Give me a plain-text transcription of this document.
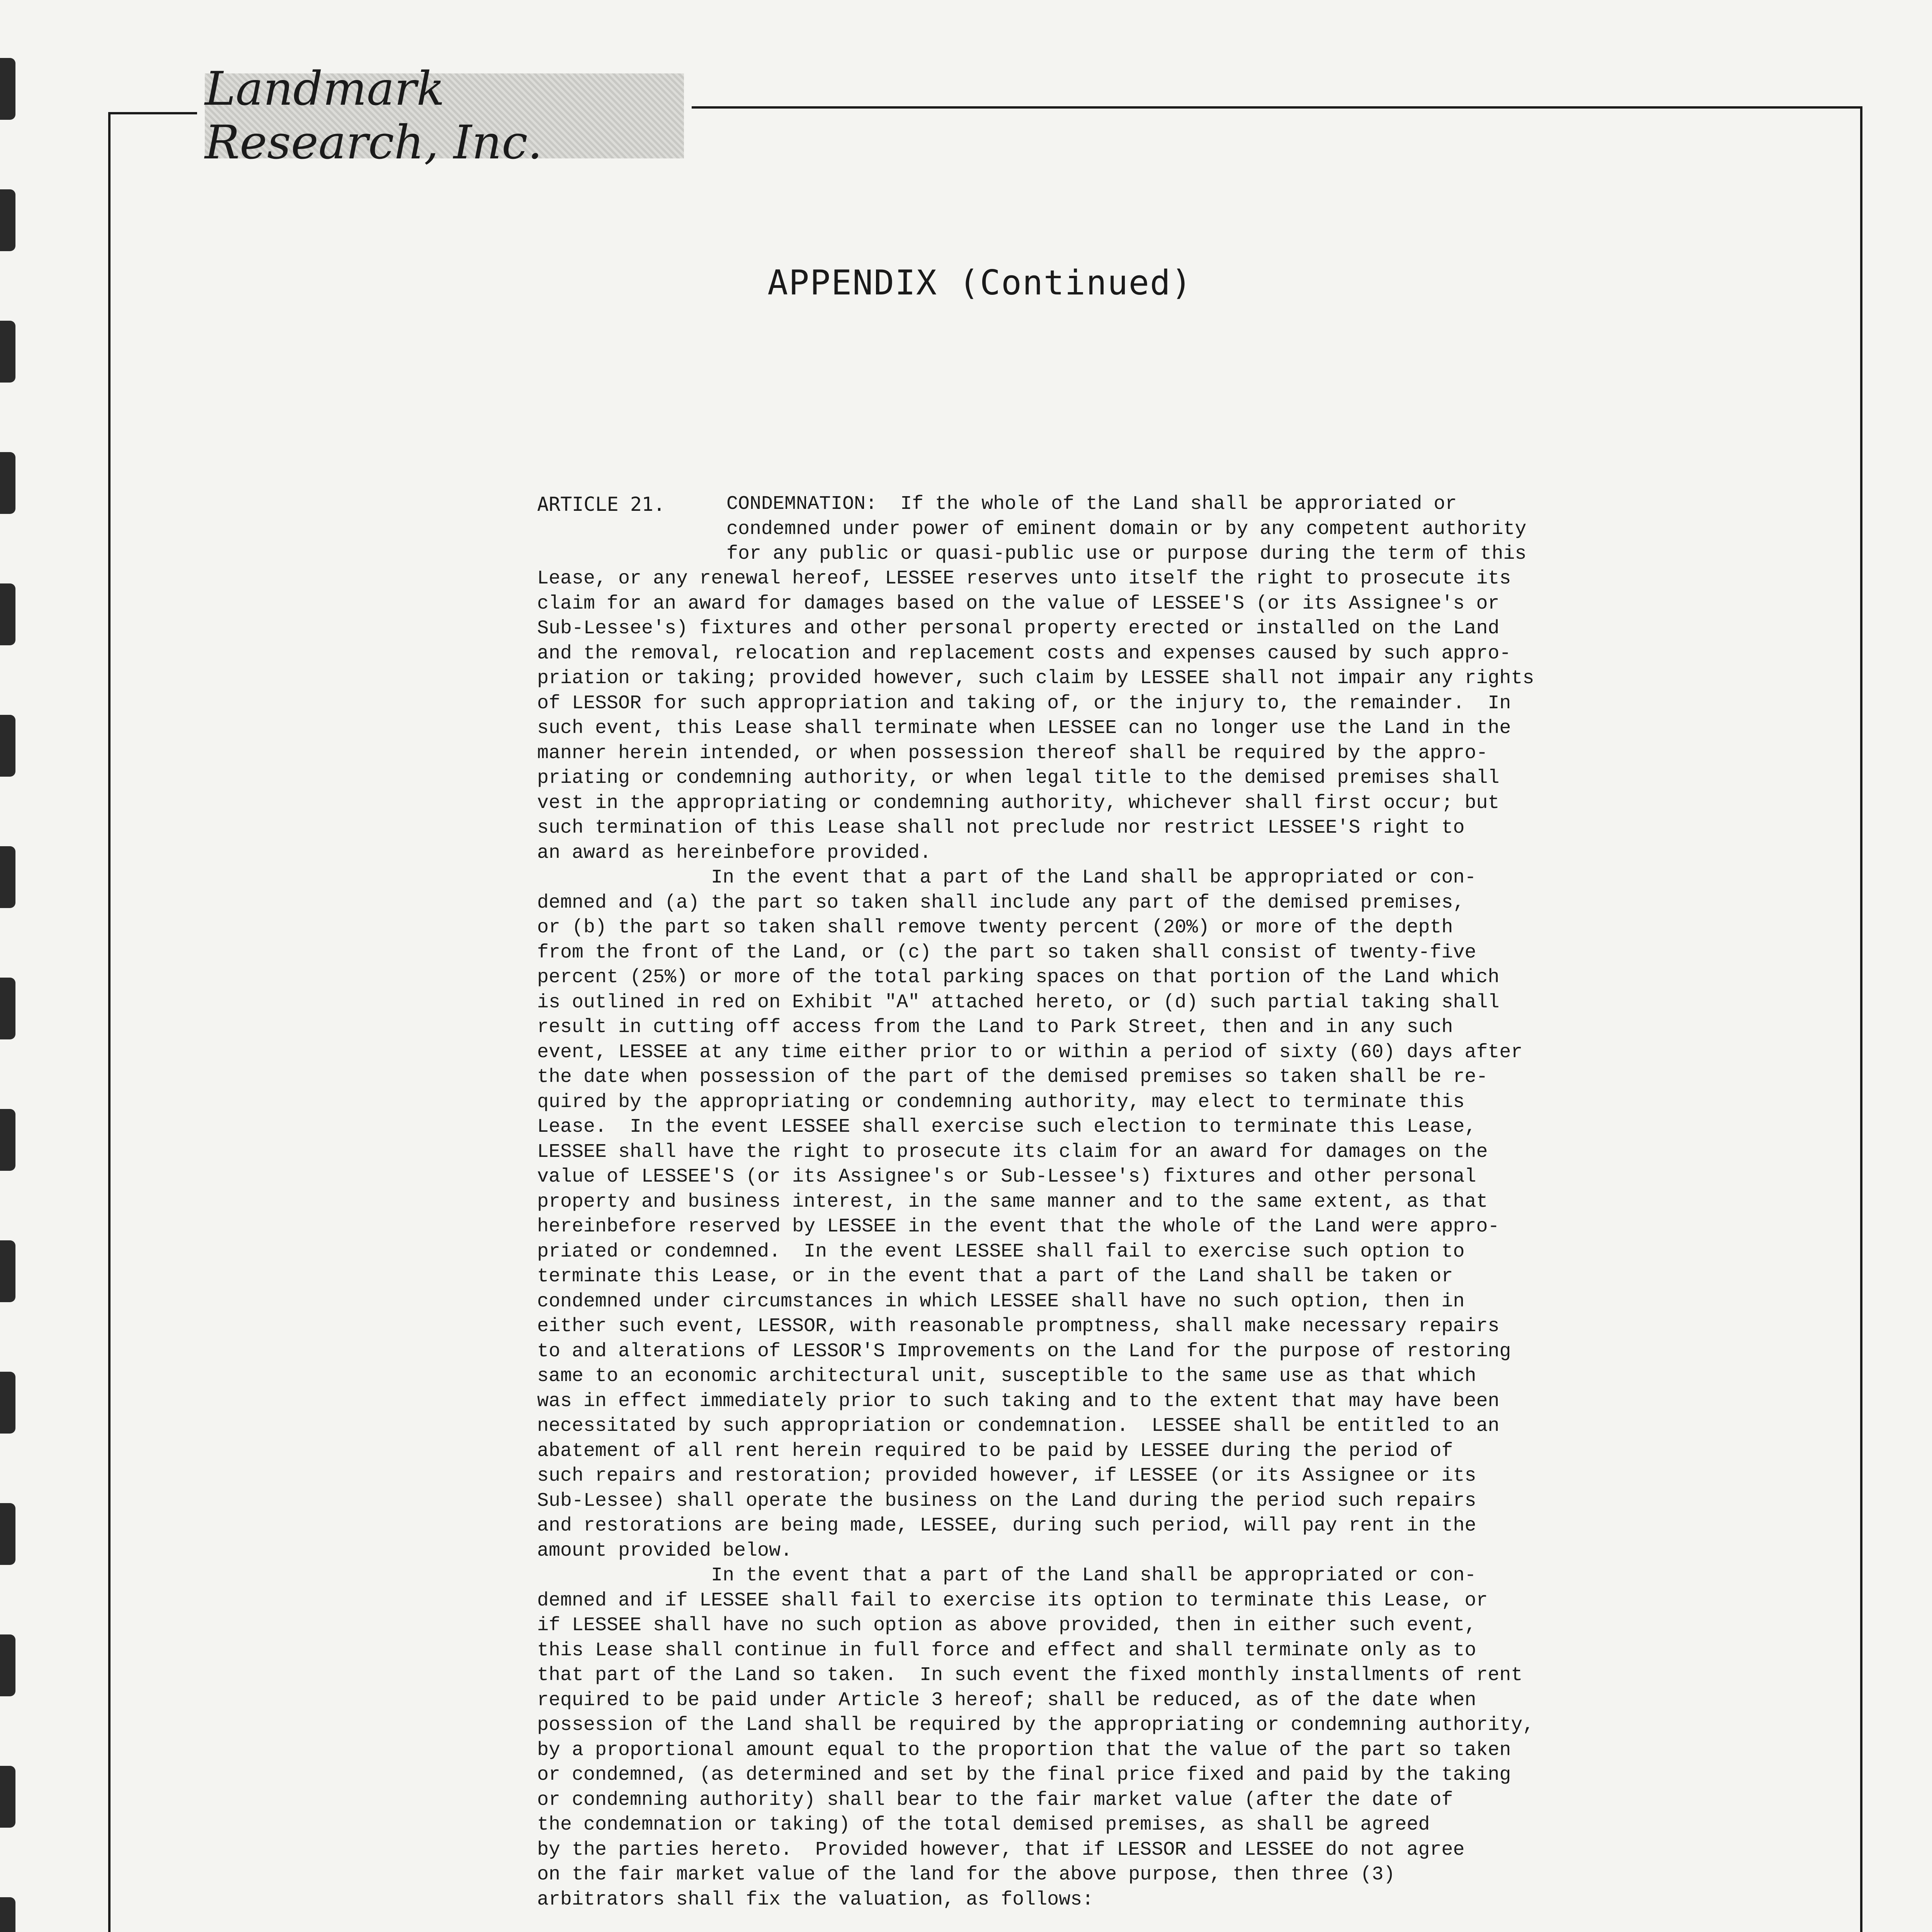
Landmark Research, Inc.
APPENDIX (Continued)
ARTICLE 21.	CONDEMNATION:  If the whole of the Land shall be approriated or
condemned under power of eminent domain or by any competent authority
for any public or quasi-public use or purpose during the term of this
Lease, or any renewal hereof, LESSEE reserves unto itself the right to prosecute its
claim for an award for damages based on the value of LESSEE'S (or its Assignee's or
Sub-Lessee's) fixtures and other personal property erected or installed on the Land
and the removal, relocation and replacement costs and expenses caused by such appro-
priation or taking; provided however, such claim by LESSEE shall not impair any rights
of LESSOR for such appropriation and taking of, or the injury to, the remainder.  In
such event, this Lease shall terminate when LESSEE can no longer use the Land in the
manner herein intended, or when possession thereof shall be required by the appro-
priating or condemning authority, or when legal title to the demised premises shall
vest in the appropriating or condemning authority, whichever shall first occur; but
such termination of this Lease shall not preclude nor restrict LESSEE'S right to
an award as hereinbefore provided.
In the event that a part of the Land shall be appropriated or con-
demned and (a) the part so taken shall include any part of the demised premises,
or (b) the part so taken shall remove twenty percent (20%) or more of the depth
from the front of the Land, or (c) the part so taken shall consist of twenty-five
percent (25%) or more of the total parking spaces on that portion of the Land which
is outlined in red on Exhibit "A" attached hereto, or (d) such partial taking shall
result in cutting off access from the Land to Park Street, then and in any such
event, LESSEE at any time either prior to or within a period of sixty (60) days after
the date when possession of the part of the demised premises so taken shall be re-
quired by the appropriating or condemning authority, may elect to terminate this
Lease.  In the event LESSEE shall exercise such election to terminate this Lease,
LESSEE shall have the right to prosecute its claim for an award for damages on the
value of LESSEE'S (or its Assignee's or Sub-Lessee's) fixtures and other personal
property and business interest, in the same manner and to the same extent, as that
hereinbefore reserved by LESSEE in the event that the whole of the Land were appro-
priated or condemned.  In the event LESSEE shall fail to exercise such option to
terminate this Lease, or in the event that a part of the Land shall be taken or
condemned under circumstances in which LESSEE shall have no such option, then in
either such event, LESSOR, with reasonable promptness, shall make necessary repairs
to and alterations of LESSOR'S Improvements on the Land for the purpose of restoring
same to an economic architectural unit, susceptible to the same use as that which
was in effect immediately prior to such taking and to the extent that may have been
necessitated by such appropriation or condemnation.  LESSEE shall be entitled to an
abatement of all rent herein required to be paid by LESSEE during the period of
such repairs and restoration; provided however, if LESSEE (or its Assignee or its
Sub-Lessee) shall operate the business on the Land during the period such repairs
and restorations are being made, LESSEE, during such period, will pay rent in the
amount provided below.
In the event that a part of the Land shall be appropriated or con-
demned and if LESSEE shall fail to exercise its option to terminate this Lease, or
if LESSEE shall have no such option as above provided, then in either such event,
this Lease shall continue in full force and effect and shall terminate only as to
that part of the Land so taken.  In such event the fixed monthly installments of rent
required to be paid under Article 3 hereof; shall be reduced, as of the date when
possession of the Land shall be required by the appropriating or condemning authority,
by a proportional amount equal to the proportion that the value of the part so taken
or condemned, (as determined and set by the final price fixed and paid by the taking
or condemning authority) shall bear to the fair market value (after the date of
the condemnation or taking) of the total demised premises, as shall be agreed
by the parties hereto.  Provided however, that if LESSOR and LESSEE do not agree
on the fair market value of the land for the above purpose, then three (3)
arbitrators shall fix the valuation, as follows:
